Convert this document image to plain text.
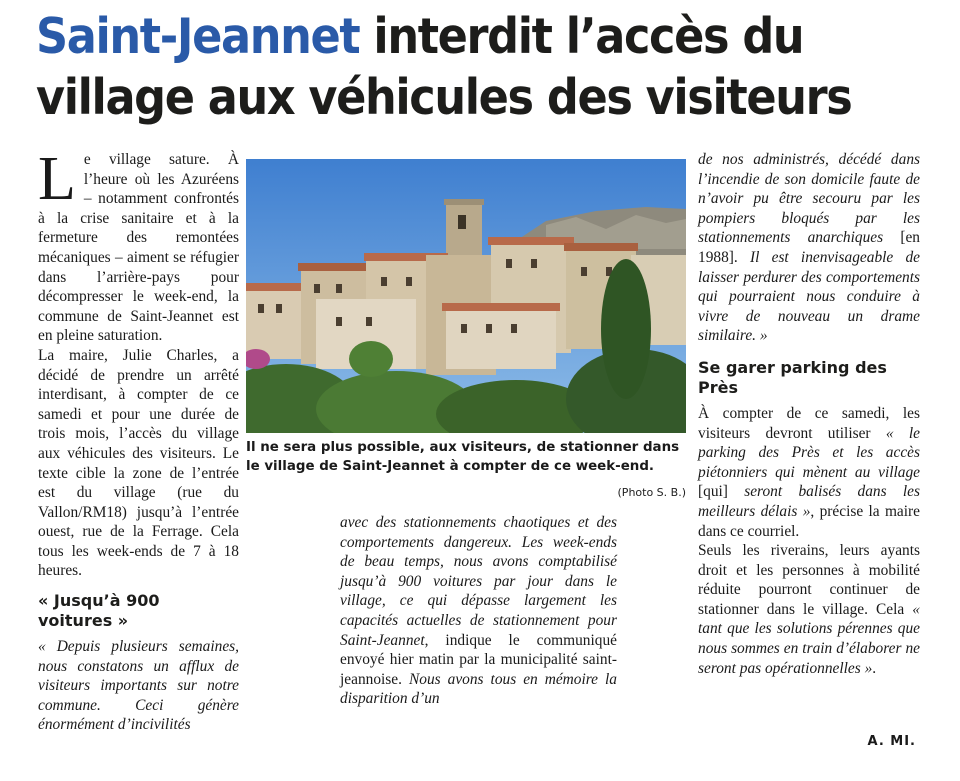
Saint-Jeannet interdit l’accès du
village aux véhicules des visiteurs

Le village sature. À l’heure où les Azuréens – notamment confrontés à la crise sanitaire et à la fermeture des remontées mécaniques – aiment se réfugier dans l’arrière-pays pour décompresser le week-end, la commune de Saint-Jeannet est en pleine saturation.

La maire, Julie Charles, a décidé de prendre un arrêté interdisant, à compter de ce samedi et pour une durée de trois mois, l’accès du village aux véhicules des visiteurs. Le texte cible la zone de l’entrée est du village (rue du Vallon/RM18) jusqu’à l’entrée ouest, rue de la Ferrage. Cela tous les week-ends de 7 à 18 heures.

« Jusqu’à 900 voitures »

« Depuis plusieurs semaines, nous constatons un afflux de visiteurs importants sur notre commune. Ceci génère énormément d’incivilités

Il ne sera plus possible, aux visiteurs, de stationner dans le village de Saint-Jeannet à compter de ce week-end.
(Photo S. B.)

avec des stationnements chaotiques et des comportements dangereux. Les week-ends de beau temps, nous avons comptabilisé jusqu’à 900 voitures par jour dans le village, ce qui dépasse largement les capacités actuelles de stationnement pour Saint-Jeannet, indique le communiqué envoyé hier matin par la municipalité saint-jeannoise. Nous avons tous en mémoire la disparition d’un

de nos administrés, décédé dans l’incendie de son domicile faute de n’avoir pu être secouru par les pompiers bloqués par les stationnements anarchiques [en 1988]. Il est inenvisageable de laisser perdurer des comportements qui pourraient nous conduire à vivre de nouveau un drame similaire. »

Se garer parking des Près

À compter de ce samedi, les visiteurs devront utiliser « le parking des Près et les accès piétonniers qui mènent au village [qui] seront balisés dans les meilleurs délais », précise la maire dans ce courriel.

Seuls les riverains, leurs ayants droit et les personnes à mobilité réduite pourront continuer de stationner dans le village. Cela « tant que les solutions pérennes que nous sommes en train d’élaborer ne seront pas opérationnelles ».

A. MI.
